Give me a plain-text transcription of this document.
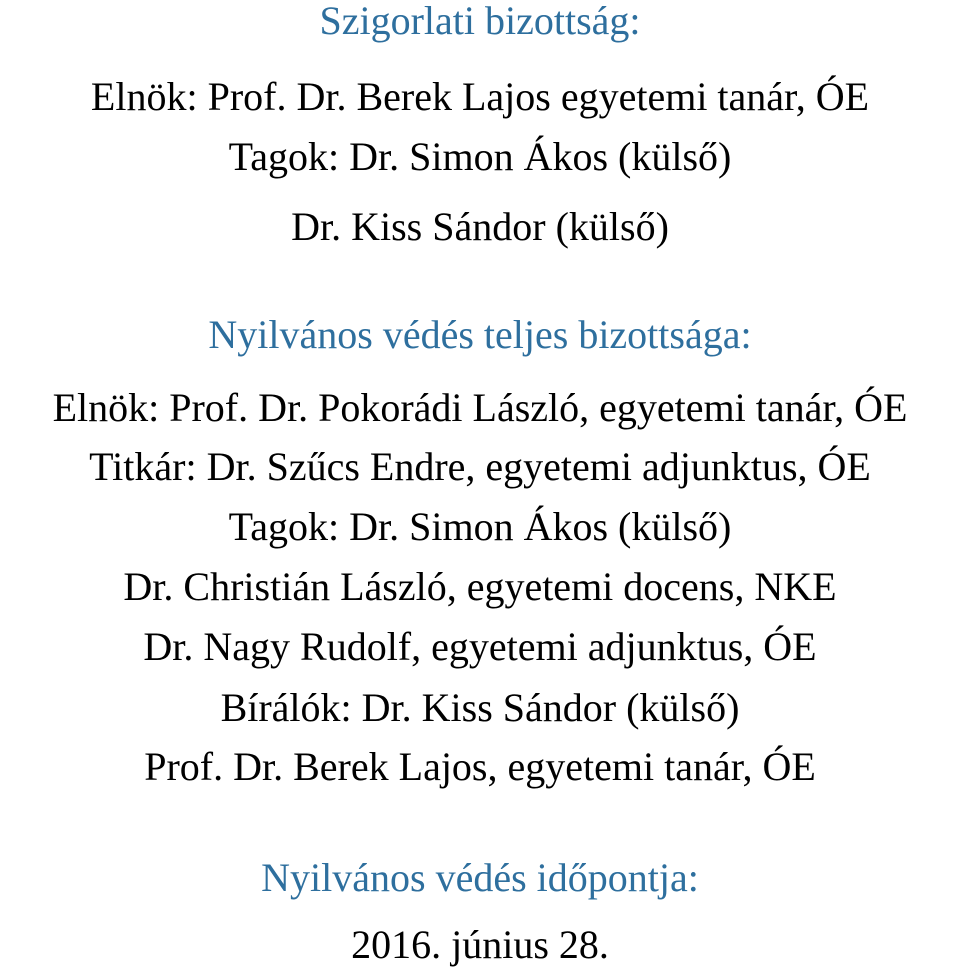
Szigorlati bizottság:
Elnök: Prof. Dr. Berek Lajos egyetemi tanár, ÓE
Tagok: Dr. Simon Ákos (külső)
Dr. Kiss Sándor (külső)
Nyilvános védés teljes bizottsága:
Elnök: Prof. Dr. Pokorádi László, egyetemi tanár, ÓE
Titkár: Dr. Szűcs Endre, egyetemi adjunktus, ÓE
Tagok: Dr. Simon Ákos (külső)
Dr. Christián László, egyetemi docens, NKE
Dr. Nagy Rudolf, egyetemi adjunktus, ÓE
Bírálók: Dr. Kiss Sándor (külső)
Prof. Dr. Berek Lajos, egyetemi tanár, ÓE
Nyilvános védés időpontja:
2016. június 28.
